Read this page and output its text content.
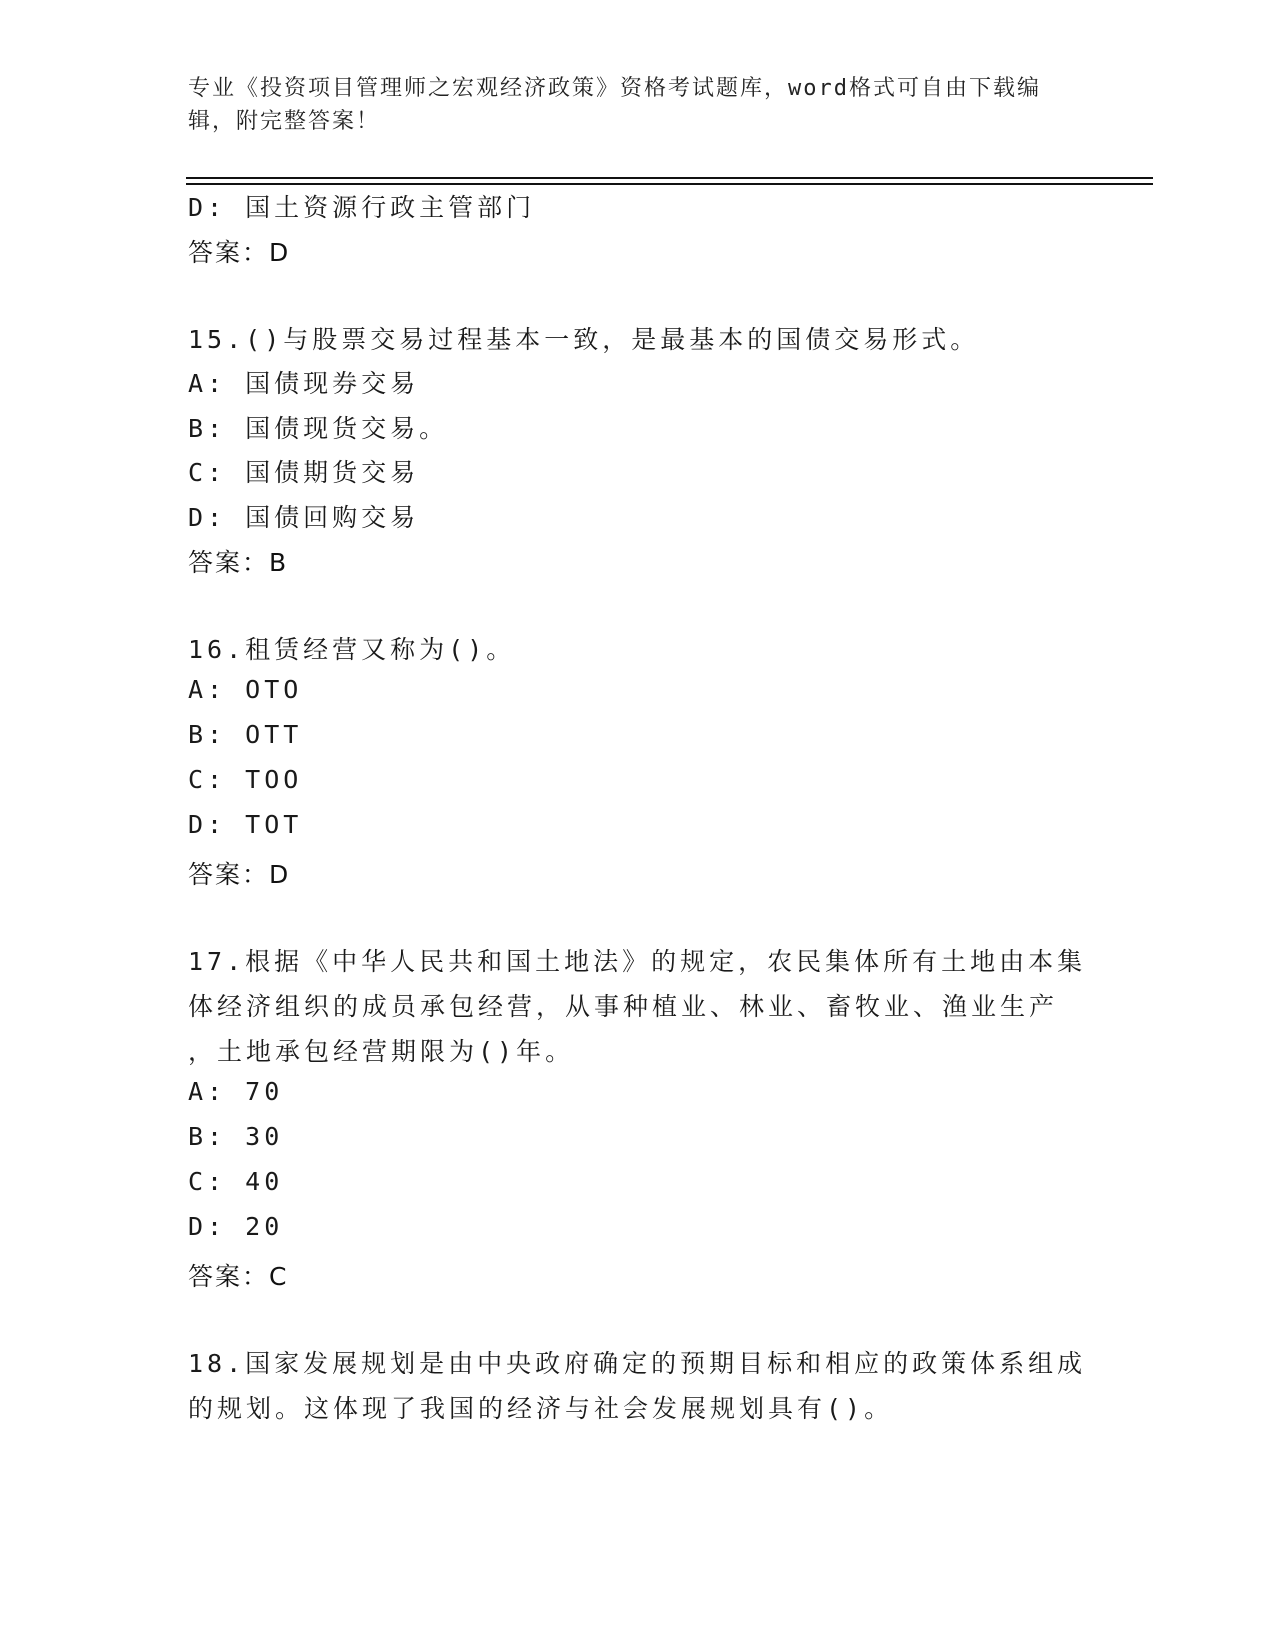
专业《投资项目管理师之宏观经济政策》资格考试题库，word格式可自由下载编
辑，附完整答案！
D: 国土资源行政主管部门
答案：D
15.()与股票交易过程基本一致，是最基本的国债交易形式。
A: 国债现券交易
B: 国债现货交易。
C: 国债期货交易
D: 国债回购交易
答案：B
16.租赁经营又称为()。
A: OTO
B: OTT
C: TOO
D: TOT
答案：D
17.根据《中华人民共和国土地法》的规定，农民集体所有土地由本集
体经济组织的成员承包经营，从事种植业、林业、畜牧业、渔业生产
，土地承包经营期限为()年。
A: 70
B: 30
C: 40
D: 20
答案：C
18.国家发展规划是由中央政府确定的预期目标和相应的政策体系组成
的规划。这体现了我国的经济与社会发展规划具有()。
